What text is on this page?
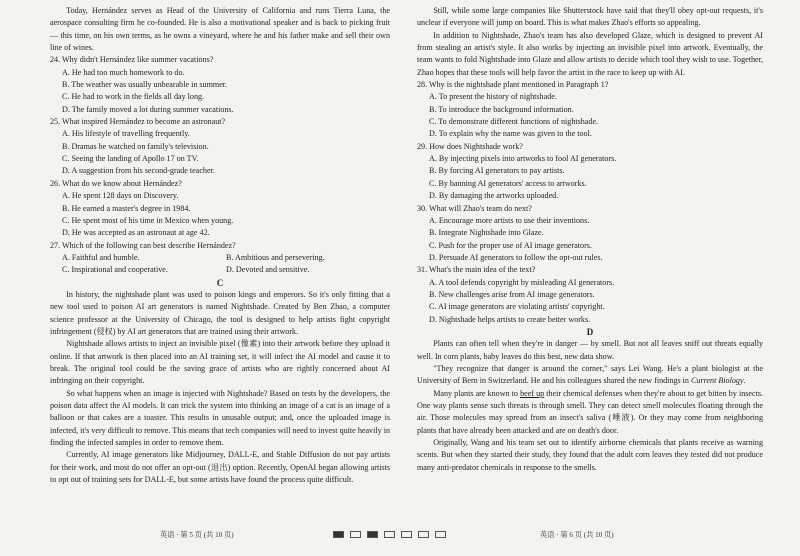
Today, Hernández serves as Head of the University of California and runs Tierra Luna, the aerospace consulting firm he co-founded. He is also a motivational speaker and is back to picking fruit — this time, on his own terms, as he owns a vineyard, where he and his father make and sell their own line of wines.

24. Why didn't Hernández like summer vacations?

A. He had too much homework to do.

B. The weather was usually unbearable in summer.

C. He had to work in the fields all day long.

D. The family moved a lot during summer vacations.

25. What inspired Hernández to become an astronaut?

A. His lifestyle of travelling frequently.

B. Dramas he watched on family's television.

C. Seeing the landing of Apollo 17 on TV.

D. A suggestion from his second-grade teacher.

26. What do we know about Hernández?

A. He spent 128 days on Discovery.

B. He earned a master's degree in 1984.

C. He spent most of his time in Mexico when young.

D. He was accepted as an astronaut at age 42.

27. Which of the following can best describe Hernández?

A. Faithful and humble.	B. Ambitious and persevering.
C. Inspirational and cooperative.	D. Devoted and sensitive.

C

In history, the nightshade plant was used to poison kings and emperors. So it's only fitting that a new tool used to poison AI art generators is named Nightshade. Created by Ben Zhao, a computer science professor at the University of Chicago, the tool is designed to help artists fight copyright infringement (侵权) by AI art generators that are trained using their artwork.

Nightshade allows artists to inject an invisible pixel (像素) into their artwork before they upload it online. If that artwork is then placed into an AI training set, it will infect the AI model and cause it to break. The original tool could be the saving grace of artists who are rightly concerned about AI infringing on their copyright.

So what happens when an image is injected with Nightshade? Based on tests by the developers, the poison data affect the AI models. It can trick the system into thinking an image of a cat is an image of a balloon or that cakes are a toaster. This results in unusable output; and, once the uploaded image is infected, it's very difficult to remove. This means that tech companies will need to invest quite heavily in finding the infected samples in order to remove them.

Currently, AI image generators like Midjourney, DALL-E, and Stable Diffusion do not pay artists for their work, and most do not offer an opt-out (退出) option. Recently, OpenAI began allowing artists to opt out of training sets for DALL-E, but some artists have found the process quite difficult.

Still, while some large companies like Shutterstock have said that they'll obey opt-out requests, it's unclear if everyone will jump on board. This is what makes Zhao's efforts so appealing.

In addition to Nightshade, Zhao's team has also developed Glaze, which is designed to prevent AI from stealing an artist's style. It also works by injecting an invisible pixel into artwork. Eventually, the team wants to fold Nightshade into Glaze and allow artists to decide which tool they wish to use. Together, Zhao hopes that these tools will help favor the artist in the race to keep up with AI.

28. Why is the nightshade plant mentioned in Paragraph 1?

A. To present the history of nightshade.

B. To introduce the background information.

C. To demonstrate different functions of nightshade.

D. To explain why the name was given to the tool.

29. How does Nightshade work?

A. By injecting pixels into artworks to fool AI generators.

B. By forcing AI generators to pay artists.

C. By banning AI generators' access to artworks.

D. By damaging the artworks uploaded.

30. What will Zhao's team do next?

A. Encourage more artists to use their inventions.

B. Integrate Nightshade into Glaze.

C. Push for the proper use of AI image generators.

D. Persuade AI generators to follow the opt-out rules.

31. What's the main idea of the text?

A. A tool defends copyright by misleading AI generators.

B. New challenges arise from AI image generators.

C. AI image generators are violating artists' copyright.

D. Nightshade helps artists to create better works.

D

Plants can often tell when they're in danger — by smell. But not all leaves sniff out threats equally well. In corn plants, baby leaves do this best, new data show.

"They recognize that danger is around the corner," says Lei Wang. He's a plant biologist at the University of Bern in Switzerland. He and his colleagues shared the new findings in Current Biology.

Many plants are known to beef up their chemical defenses when they're about to get bitten by insects. One way plants sense such threats is through smell. They can detect smell molecules floating through the air. Those molecules may spread from an insect's saliva (唾液). Or they may come from neighboring plants that have already been attacked and are on death's door.

Originally, Wang and his team set out to identify airborne chemicals that plants receive as warning scents. But when they started their study, they found that the adult corn leaves they tested did not produce many anti-predator chemicals in response to the smells.

英语 · 第 5 页 (共 10 页)	英语 · 第 6 页 (共 10 页)
